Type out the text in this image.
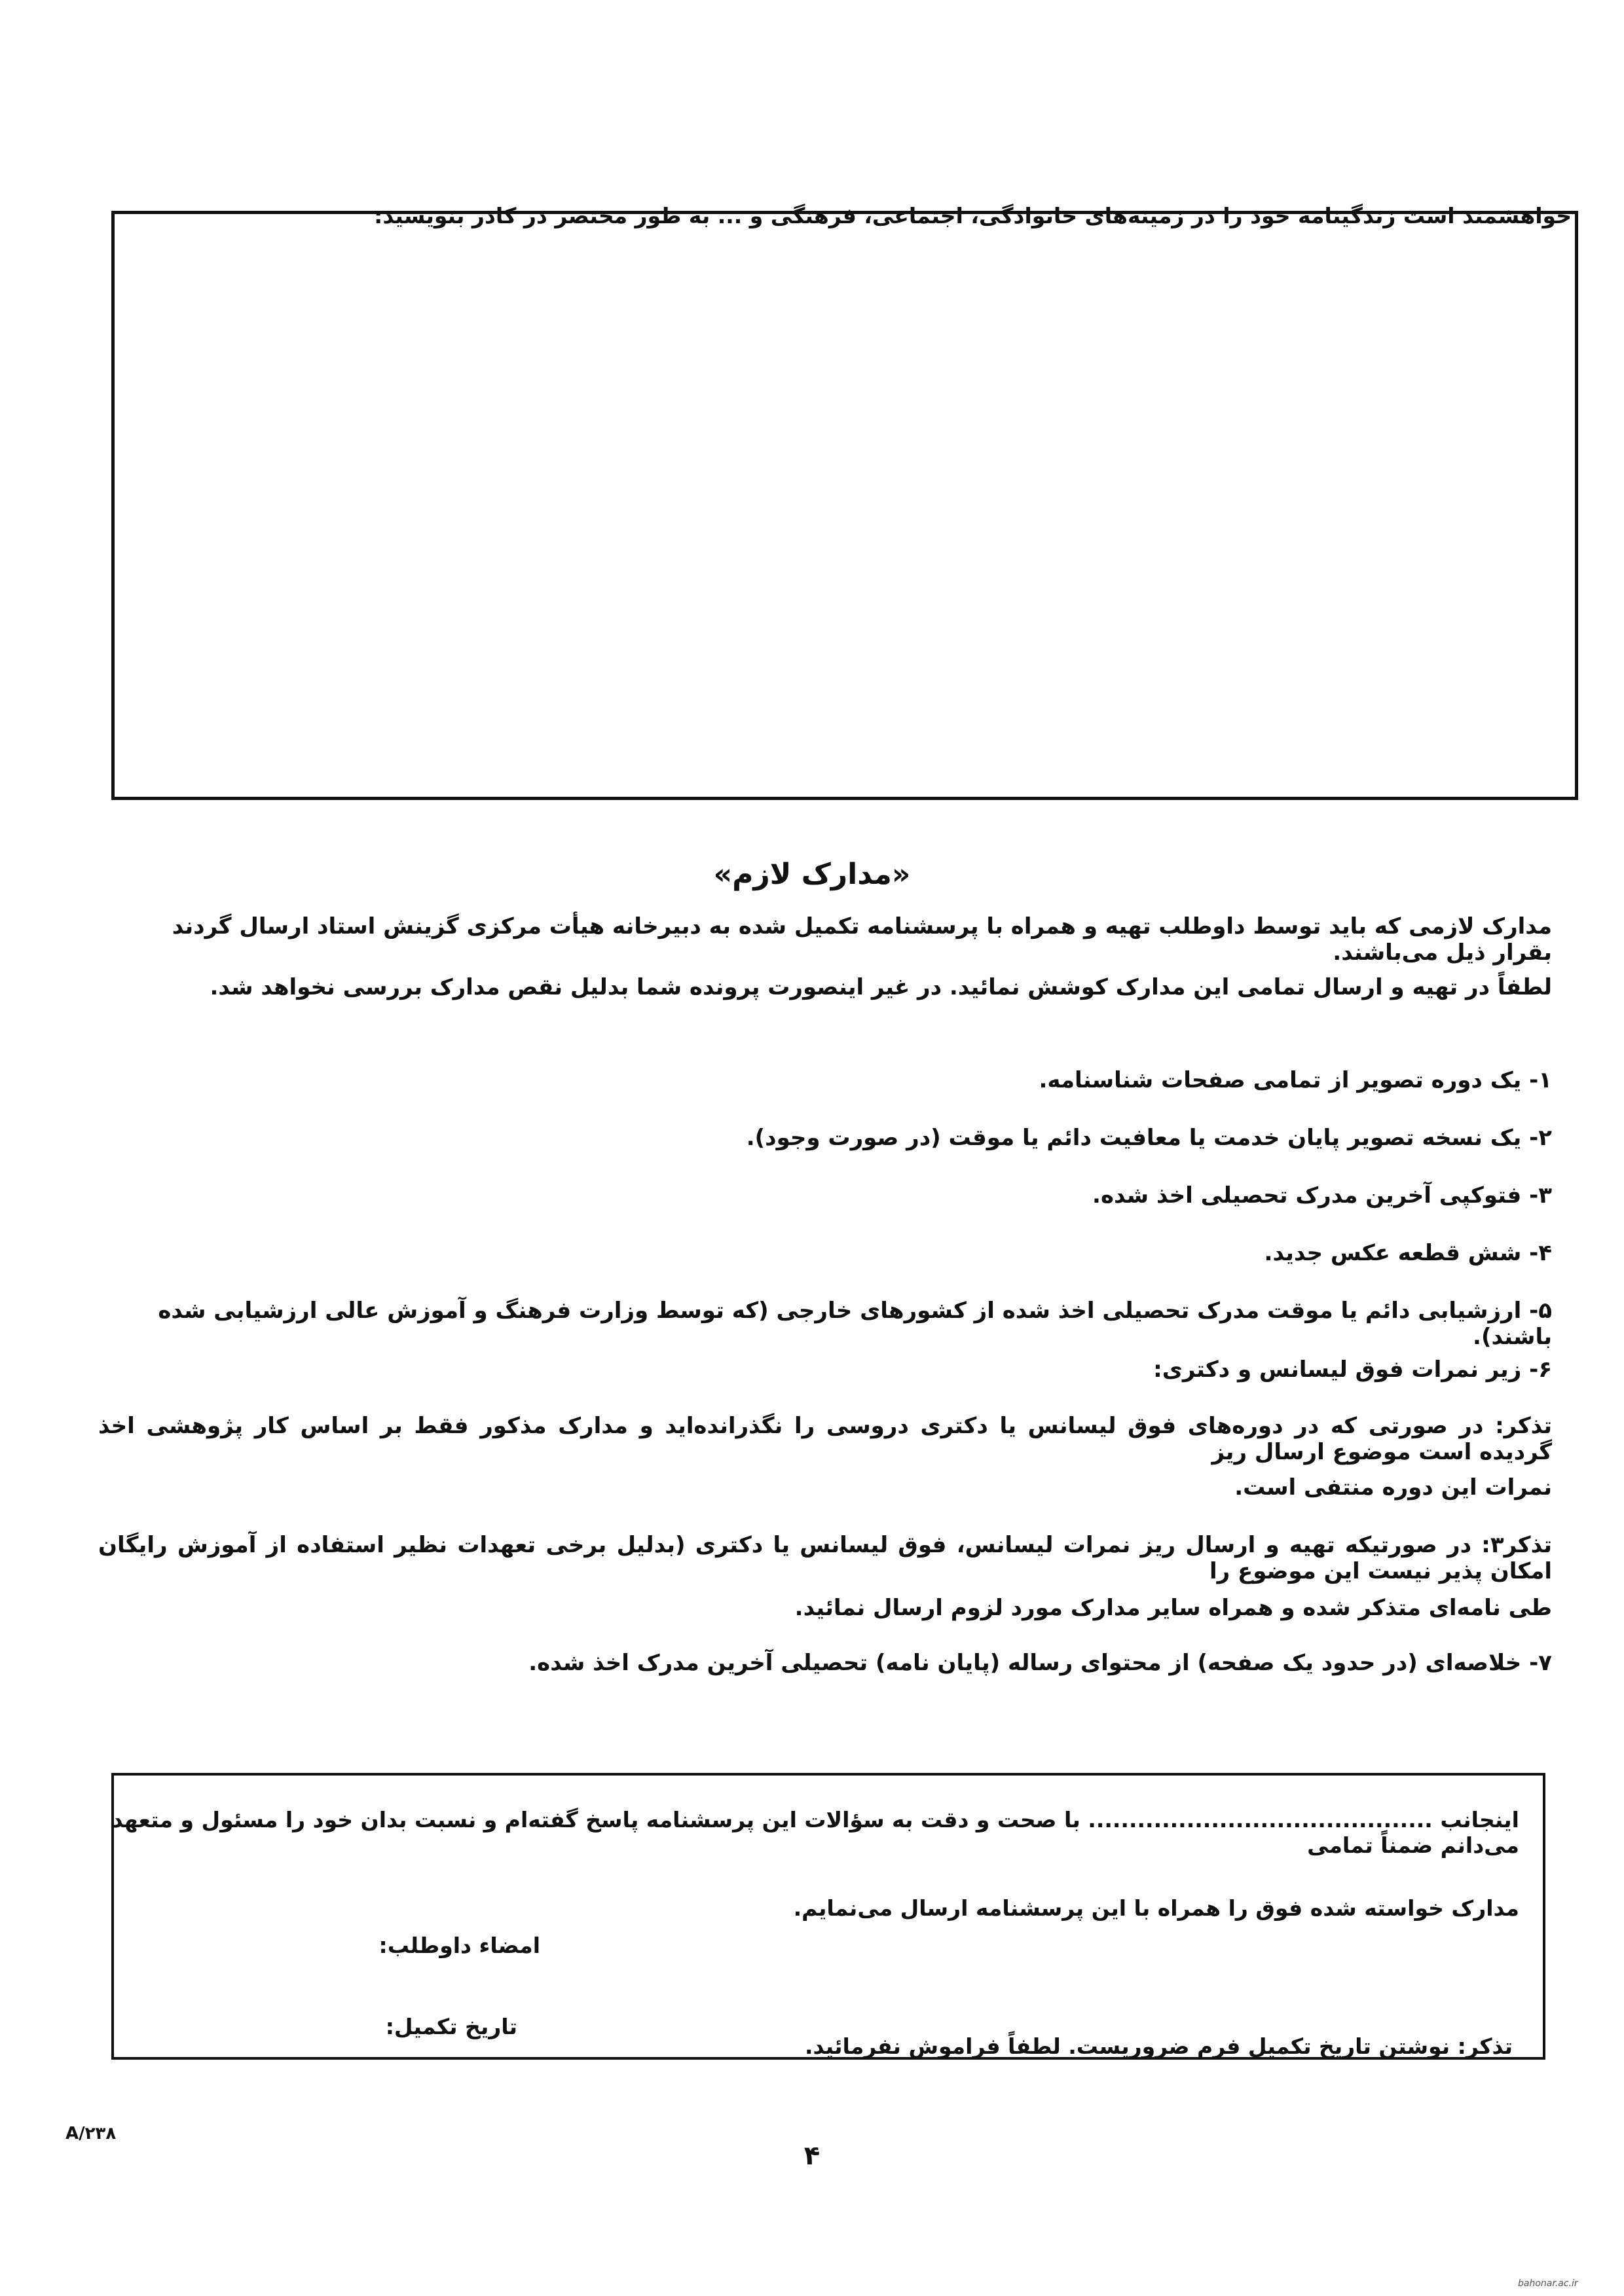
خواهشمند است زندگینامه خود را در زمینه‌های خانوادگی، اجتماعی، فرهنگی و ... به طور مختصر در کادر بنویسید:
«مدارک لازم»
مدارک لازمی که باید توسط داوطلب تهیه و همراه با پرسشنامه تکمیل شده به دبیرخانه هیأت مرکزی گزینش استاد ارسال گردند بقرار ذیل می‌باشند.
لطفاً در تهیه و ارسال تمامی این مدارک کوشش نمائید. در غیر اینصورت پرونده شما بدلیل نقص مدارک بررسی نخواهد شد.
۱- یک دوره تصویر از تمامی صفحات شناسنامه.
۲- یک نسخه تصویر پایان خدمت یا معافیت دائم یا موقت (در صورت وجود).
۳- فتوکپی آخرین مدرک تحصیلی اخذ شده.
۴- شش قطعه عکس جدید.
۵- ارزشیابی دائم یا موقت مدرک تحصیلی اخذ شده از کشورهای خارجی (که توسط وزارت فرهنگ و آموزش عالی ارزشیابی شده باشند).
۶- زیر نمرات فوق لیسانس و دکتری:
تذکر: در صورتی که در دوره‌های فوق لیسانس یا دکتری دروسی را نگذرانده‌اید و مدارک مذکور فقط بر اساس کار پژوهشی اخذ گردیده است موضوع ارسال ریز
نمرات این دوره منتفی است.
تذکر۳: در صورتیکه تهیه و ارسال ریز نمرات لیسانس، فوق لیسانس یا دکتری (بدلیل برخی تعهدات نظیر استفاده از آموزش رایگان امکان پذیر نیست این موضوع را
طی نامه‌ای متذکر شده و همراه سایر مدارک مورد لزوم ارسال نمائید.
۷- خلاصه‌ای (در حدود یک صفحه) از محتوای رساله (پایان نامه) تحصیلی آخرین مدرک اخذ شده.
اینجانب .......................................... با صحت و دقت به سؤالات این پرسشنامه پاسخ گفته‌ام و نسبت بدان خود را مسئول و متعهد می‌دانم ضمناً تمامی
مدارک خواسته شده فوق را همراه با این پرسشنامه ارسال می‌نمایم.
امضاء داوطلب:
تاریخ تکمیل:
تذکر: نوشتن تاریخ تکمیل فرم ضروریست. لطفاً فراموش نفرمائید.
A/۲۳۸
۴
bahonar.ac.ir
